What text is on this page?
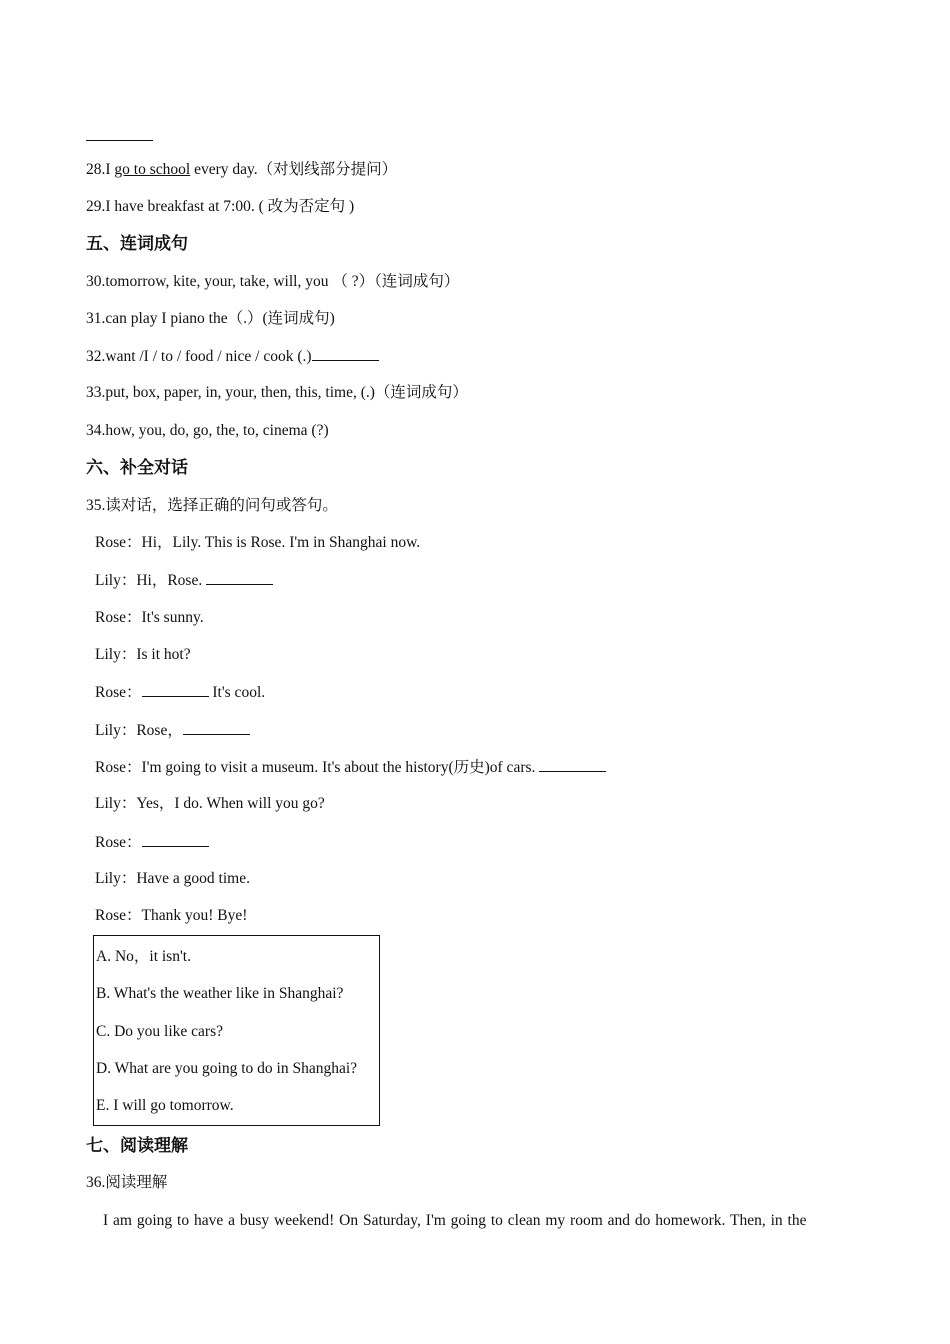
28.I go to school every day.（对划线部分提问）
29.I have breakfast at 7:00. ( 改为否定句 )
五、连词成句
30.tomorrow, kite, your, take, will, you （ ?）（连词成句）
31.can play I piano the（.）(连词成句)
32.want /I / to / food / nice / cook (.)
33.put, box, paper, in, your, then, this, time, (.)（连词成句）
34.how, you, do, go, the, to, cinema (?)
六、补全对话
35.读对话，选择正确的问句或答句。
Rose：Hi，Lily. This is Rose. I'm in Shanghai now.
Lily：Hi，Rose.
Rose：It's sunny.
Lily：Is it hot?
Rose：	It's cool.
Lily：Rose，
Rose：I'm going to visit a museum. It's about the history(历史)of cars.
Lily：Yes，I do. When will you go?
Rose：
Lily：Have a good time.
Rose：Thank you! Bye!
A. No，it isn't.
B. What's the weather like in Shanghai?
C. Do you like cars?
D. What are you going to do in Shanghai?
E. I will go tomorrow.
七、阅读理解
36.阅读理解
I am going to have a busy weekend! On Saturday, I'm going to clean my room and do homework. Then, in the
